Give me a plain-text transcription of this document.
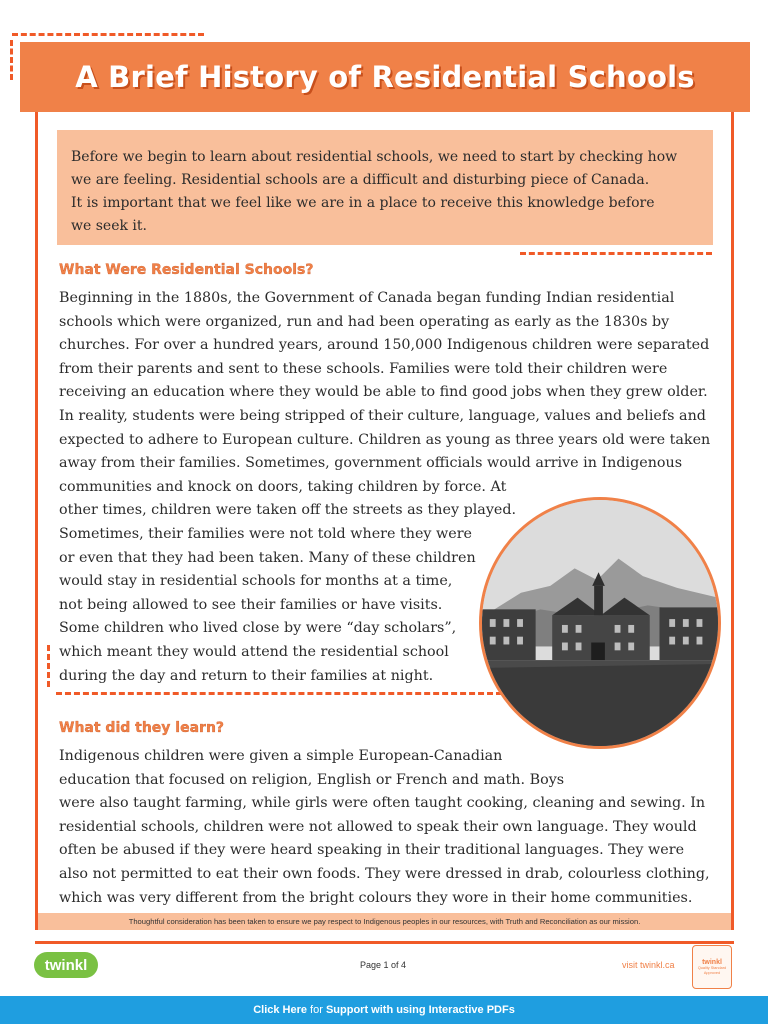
A Brief History of Residential Schools

Before we begin to learn about residential schools, we need to start by checking how
we are feeling. Residential schools are a difficult and disturbing piece of Canada.
It is important that we feel like we are in a place to receive this knowledge before
we seek it.

What Were Residential Schools?
Beginning in the 1880s, the Government of Canada began funding Indian residential
schools which were organized, run and had been operating as early as the 1830s by
churches. For over a hundred years, around 150,000 Indigenous children were separated
from their parents and sent to these schools. Families were told their children were
receiving an education where they would be able to find good jobs when they grew older.
In reality, students were being stripped of their culture, language, values and beliefs and
expected to adhere to European culture. Children as young as three years old were taken
away from their families. Sometimes, government officials would arrive in Indigenous
communities and knock on doors, taking children by force. At
other times, children were taken off the streets as they played.
Sometimes, their families were not told where they were
or even that they had been taken. Many of these children
would stay in residential schools for months at a time,
not being allowed to see their families or have visits.
Some children who lived close by were “day scholars”,
which meant they would attend the residential school
during the day and return to their families at night.
What did they learn?
Indigenous children were given a simple European-Canadian
education that focused on religion, English or French and math. Boys
were also taught farming, while girls were often taught cooking, cleaning and sewing. In
residential schools, children were not allowed to speak their own language. They would
often be abused if they were heard speaking in their traditional languages. They were
also not permitted to eat their own foods. They were dressed in drab, colourless clothing,
which was very different from the bright colours they wore in their home communities.
Thoughtful consideration has been taken to ensure we pay respect to Indigenous peoples in our resources, with Truth and Reconciliation as our mission.
twinkl	Page 1 of 4	visit twinkl.ca	twinkl
Quality Standard
Approved
Click Here for Support with using Interactive PDFs
